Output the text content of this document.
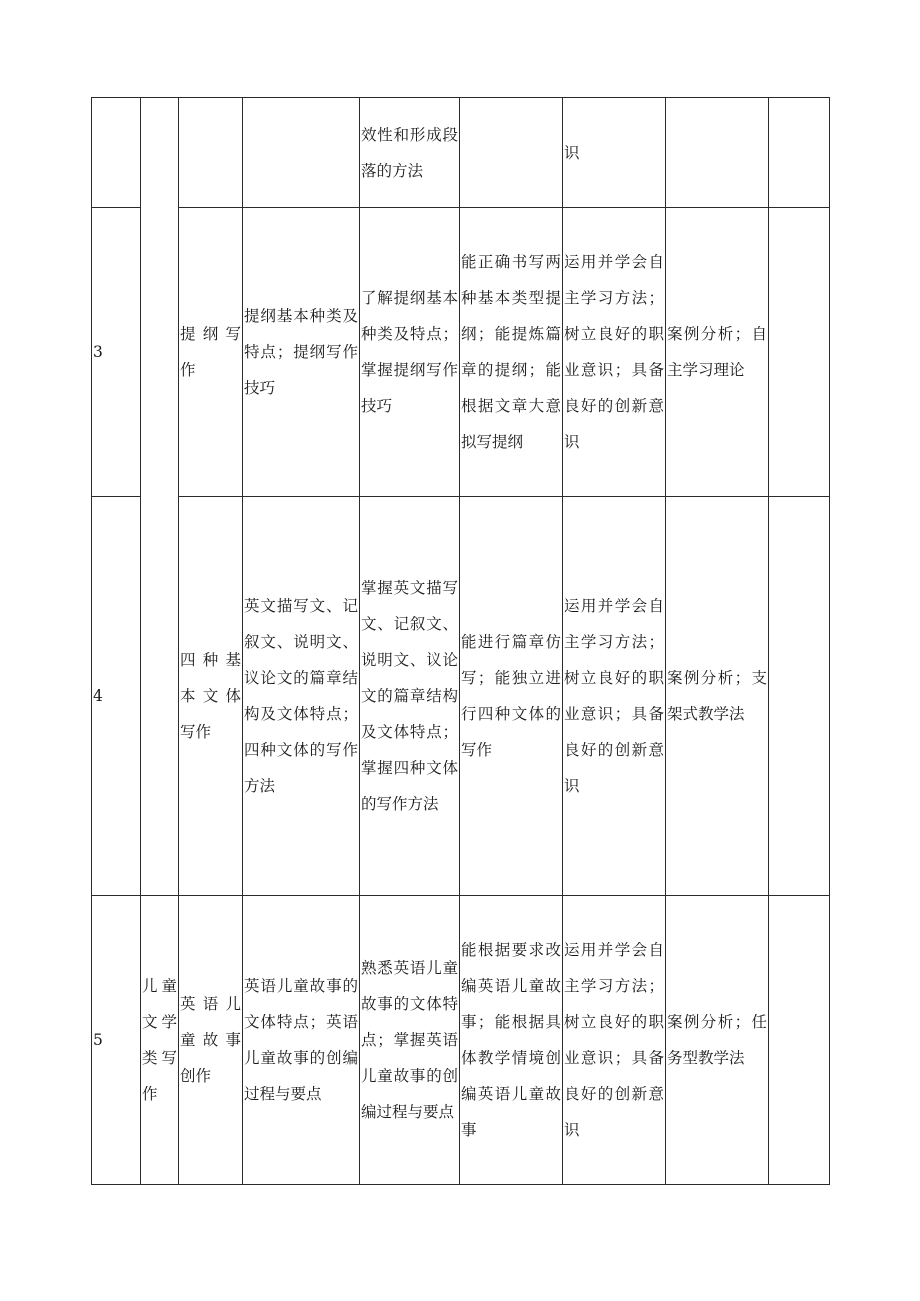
				效性和形成段落的方法		识		
3		提纲写作	提纲基本种类及特点；提纲写作技巧	了解提纲基本种类及特点；掌握提纲写作技巧	能正确书写两种基本类型提纲；能提炼篇章的提纲；能根据文章大意拟写提纲	运用并学会自主学习方法；树立良好的职业意识；具备良好的创新意识	案例分析；自主学习理论	
4		四种基本文体写作	英文描写文、记叙文、说明文、议论文的篇章结构及文体特点；四种文体的写作方法	掌握英文描写文、记叙文、说明文、议论文的篇章结构及文体特点；掌握四种文体的写作方法	能进行篇章仿写；能独立进行四种文体的写作	运用并学会自主学习方法；树立良好的职业意识；具备良好的创新意识	案例分析；支架式教学法	
5	儿童文学类写作	英语儿童故事创作	英语儿童故事的文体特点；英语儿童故事的创编过程与要点	熟悉英语儿童故事的文体特点；掌握英语儿童故事的创编过程与要点	能根据要求改编英语儿童故事；能根据具体教学情境创编英语儿童故事	运用并学会自主学习方法；树立良好的职业意识；具备良好的创新意识	案例分析；任务型教学法	
